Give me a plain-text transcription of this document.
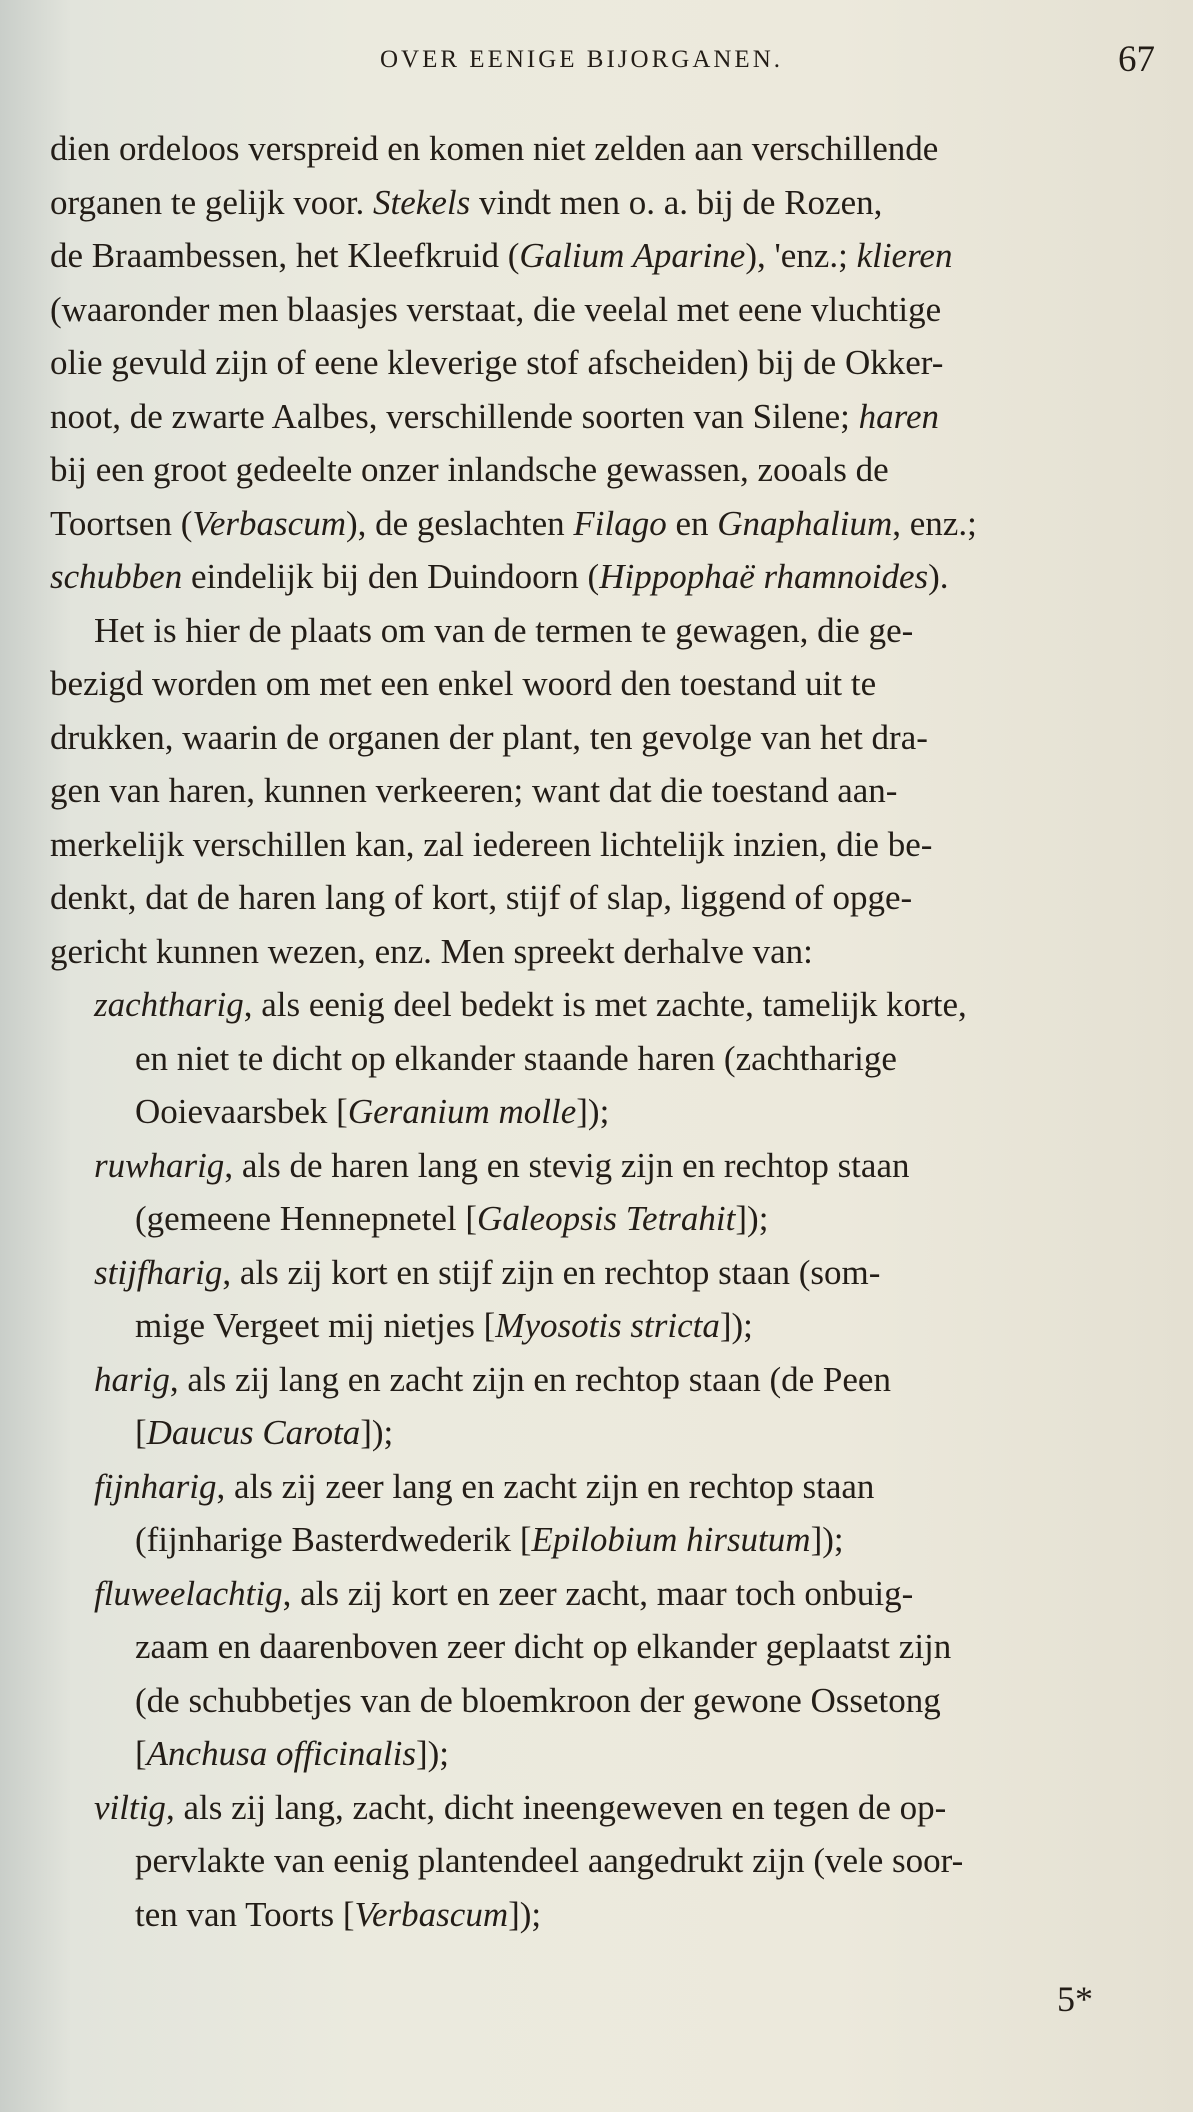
OVER EENIGE BIJORGANEN.	67
dien ordeloos verspreid en komen niet zelden aan verschillende
organen te gelijk voor. Stekels vindt men o. a. bij de Rozen,
de Braambessen, het Kleefkruid (Galium Aparine), 'enz.; klieren
(waaronder men blaasjes verstaat, die veelal met eene vluchtige
olie gevuld zijn of eene kleverige stof afscheiden) bij de Okker-
noot, de zwarte Aalbes, verschillende soorten van Silene; haren
bij een groot gedeelte onzer inlandsche gewassen, zooals de
Toortsen (Verbascum), de geslachten Filago en Gnaphalium, enz.;
schubben eindelijk bij den Duindoorn (Hippophaë rhamnoides).
Het is hier de plaats om van de termen te gewagen, die ge-
bezigd worden om met een enkel woord den toestand uit te
drukken, waarin de organen der plant, ten gevolge van het dra-
gen van haren, kunnen verkeeren; want dat die toestand aan-
merkelijk verschillen kan, zal iedereen lichtelijk inzien, die be-
denkt, dat de haren lang of kort, stijf of slap, liggend of opge-
gericht kunnen wezen, enz. Men spreekt derhalve van:
zachtharig, als eenig deel bedekt is met zachte, tamelijk korte,
en niet te dicht op elkander staande haren (zachtharige
Ooievaarsbek [Geranium molle]);
ruwharig, als de haren lang en stevig zijn en rechtop staan
(gemeene Hennepnetel [Galeopsis Tetrahit]);
stijfharig, als zij kort en stijf zijn en rechtop staan (som-
mige Vergeet mij nietjes [Myosotis stricta]);
harig, als zij lang en zacht zijn en rechtop staan (de Peen
[Daucus Carota]);
fijnharig, als zij zeer lang en zacht zijn en rechtop staan
(fijnharige Basterdwederik [Epilobium hirsutum]);
fluweelachtig, als zij kort en zeer zacht, maar toch onbuig-
zaam en daarenboven zeer dicht op elkander geplaatst zijn
(de schubbetjes van de bloemkroon der gewone Ossetong
[Anchusa officinalis]);
viltig, als zij lang, zacht, dicht ineengeweven en tegen de op-
pervlakte van eenig plantendeel aangedrukt zijn (vele soor-
ten van Toorts [Verbascum]);
5*
